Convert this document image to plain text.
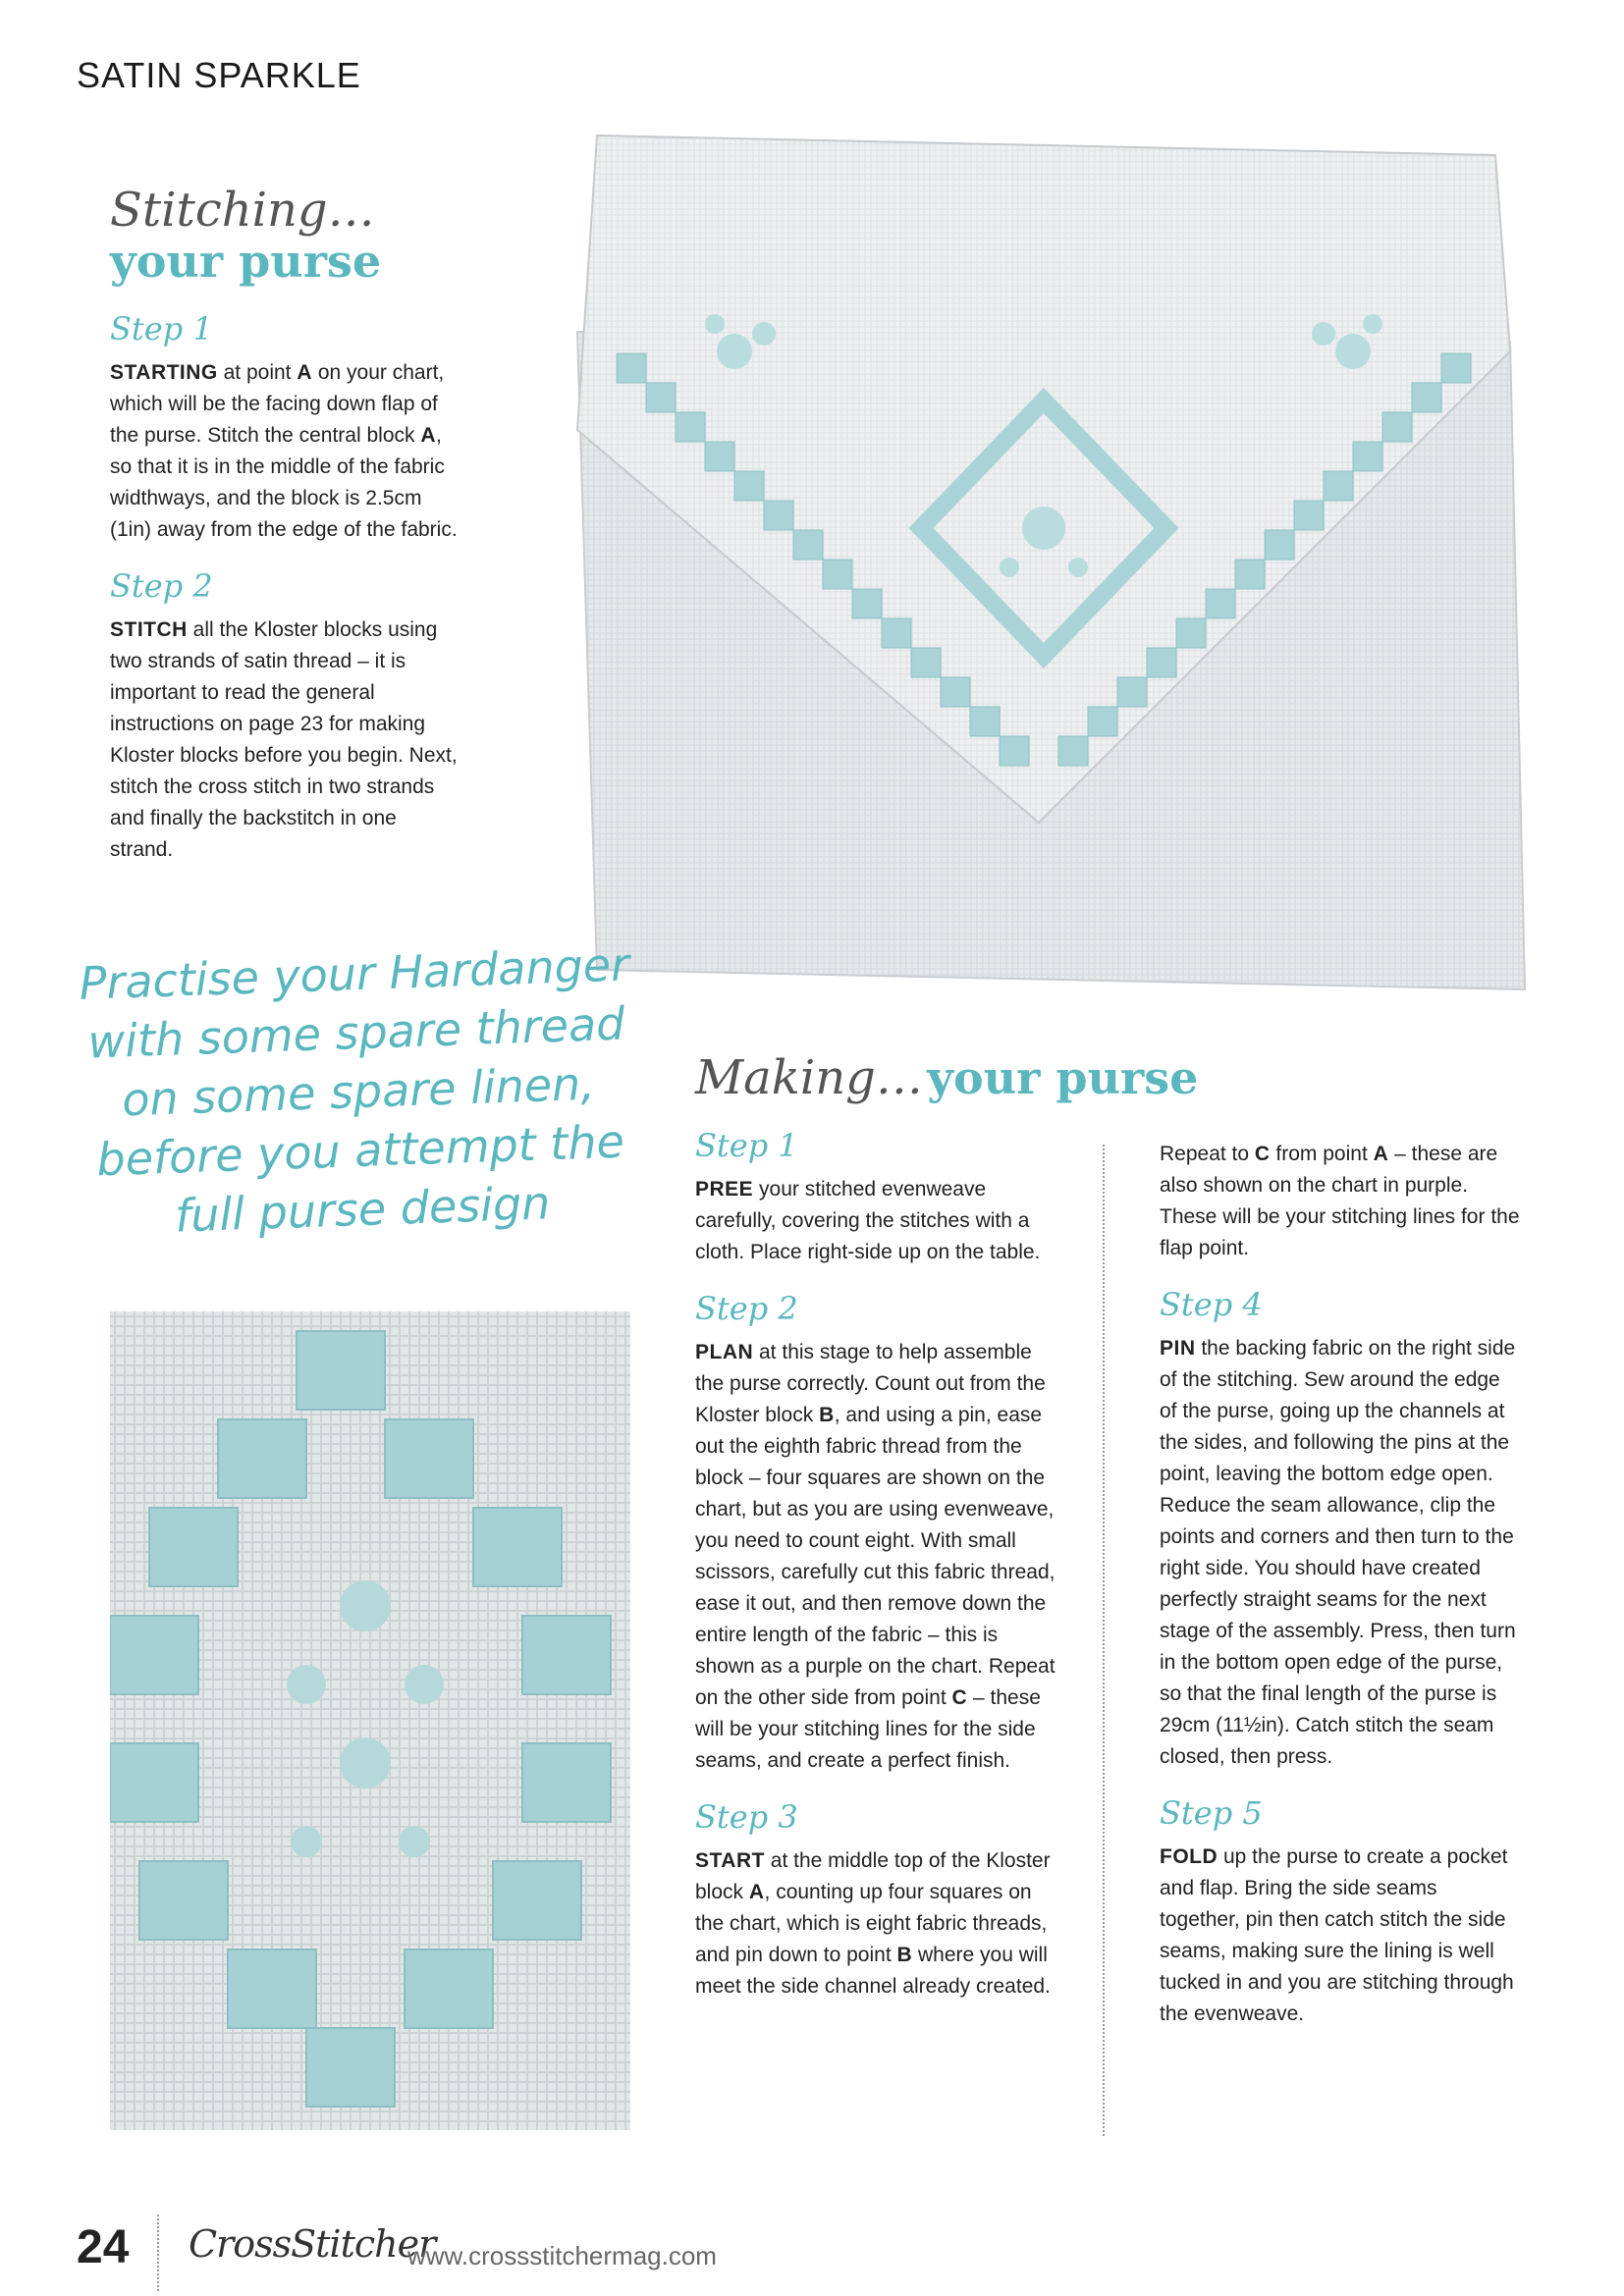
SATIN SPARKLE
Stitching…
your purse
Step 1

STARTING at point A on your chart, which will be the facing down flap of the purse. Stitch the central block A, so that it is in the middle of the fabric widthways, and the block is 2.5cm (1in) away from the edge of the fabric.

Step 2

STITCH all the Kloster blocks using two strands of satin thread – it is important to read the general instructions on page 23 for making Kloster blocks before you begin. Next, stitch the cross stitch in two strands and finally the backstitch in one strand.

Practise your Hardanger with some spare thread on some spare linen, before you attempt the full purse design
Making… your purse
Step 1

PREE your stitched evenweave carefully, covering the stitches with a cloth. Place right-side up on the table.

Step 2

PLAN at this stage to help assemble the purse correctly. Count out from the Kloster block B, and using a pin, ease out the eighth fabric thread from the block – four squares are shown on the chart, but as you are using evenweave, you need to count eight. With small scissors, carefully cut this fabric thread, ease it out, and then remove down the entire length of the fabric – this is shown as a purple on the chart. Repeat on the other side from point C – these will be your stitching lines for the side seams, and create a perfect finish.

Step 3

START at the middle top of the Kloster block A, counting up four squares on the chart, which is eight fabric threads, and pin down to point B where you will meet the side channel already created.

Repeat to C from point A – these are also shown on the chart in purple. These will be your stitching lines for the flap point.

Step 4

PIN the backing fabric on the right side of the stitching. Sew around the edge of the purse, going up the channels at the sides, and following the pins at the point, leaving the bottom edge open. Reduce the seam allowance, clip the points and corners and then turn to the right side. You should have created perfectly straight seams for the next stage of the assembly. Press, then turn in the bottom open edge of the purse, so that the final length of the purse is 29cm (11½in). Catch stitch the seam closed, then press.

Step 5

FOLD up the purse to create a pocket and flap. Bring the side seams together, pin then catch stitch the side seams, making sure the lining is well tucked in and you are stitching through the evenweave.

24 CrossStitcher
www.crossstitchermag.com
